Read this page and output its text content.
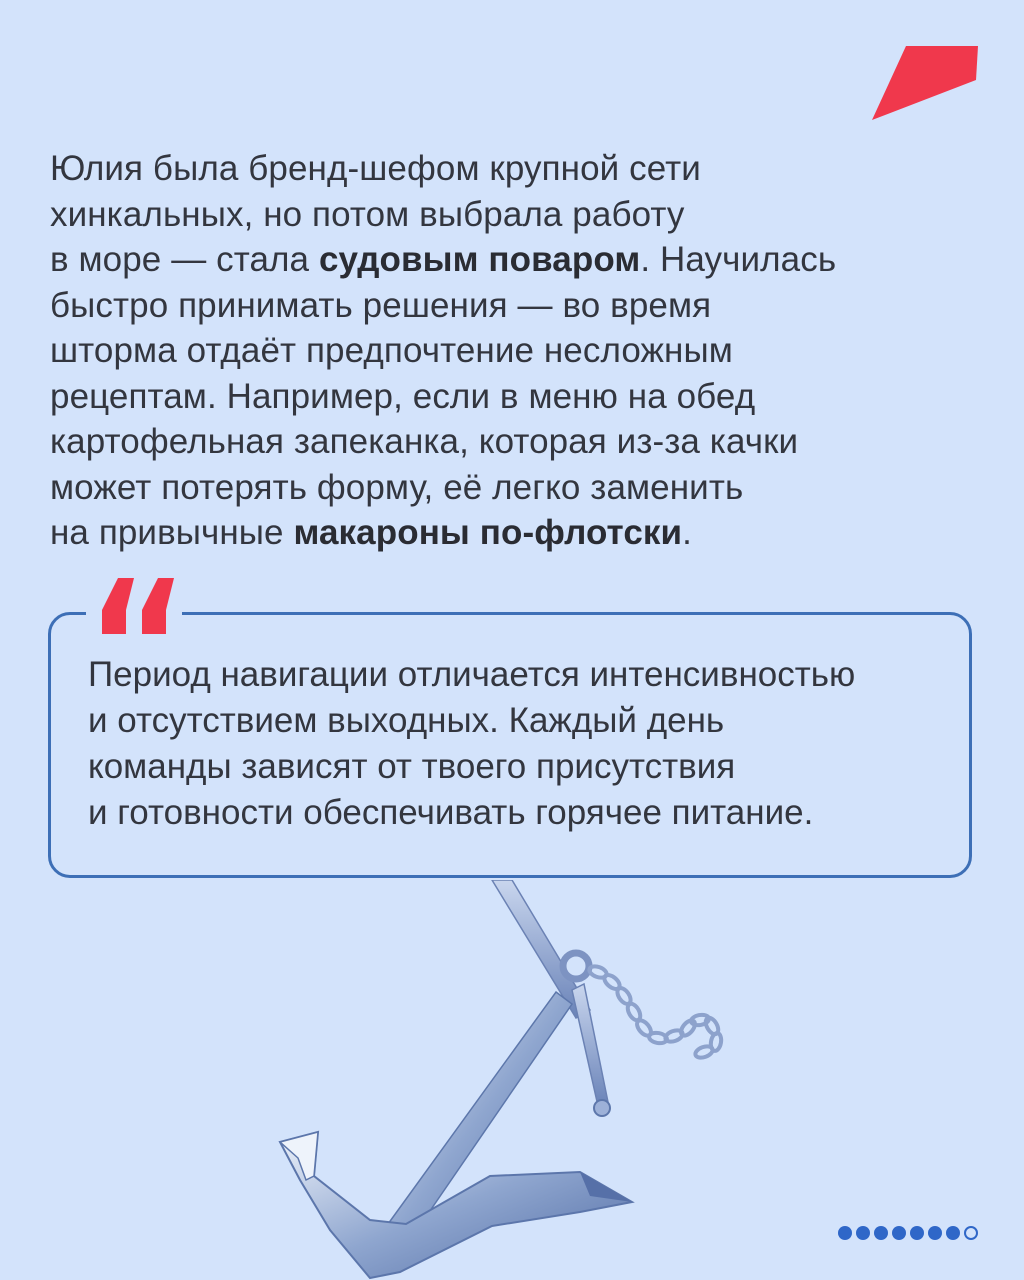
Юлия была бренд-шефом крупной сети
хинкальных, но потом выбрала работу
в море — стала судовым поваром. Научилась
быстро принимать решения — во время
шторма отдаёт предпочтение несложным
рецептам. Например, если в меню на обед
картофельная запеканка, которая из-за качки
может потерять форму, её легко заменить
на привычные макароны по-флотски.

Период навигации отличается интенсивностью
и отсутствием выходных. Каждый день
команды зависят от твоего присутствия
и готовности обеспечивать горячее питание.
